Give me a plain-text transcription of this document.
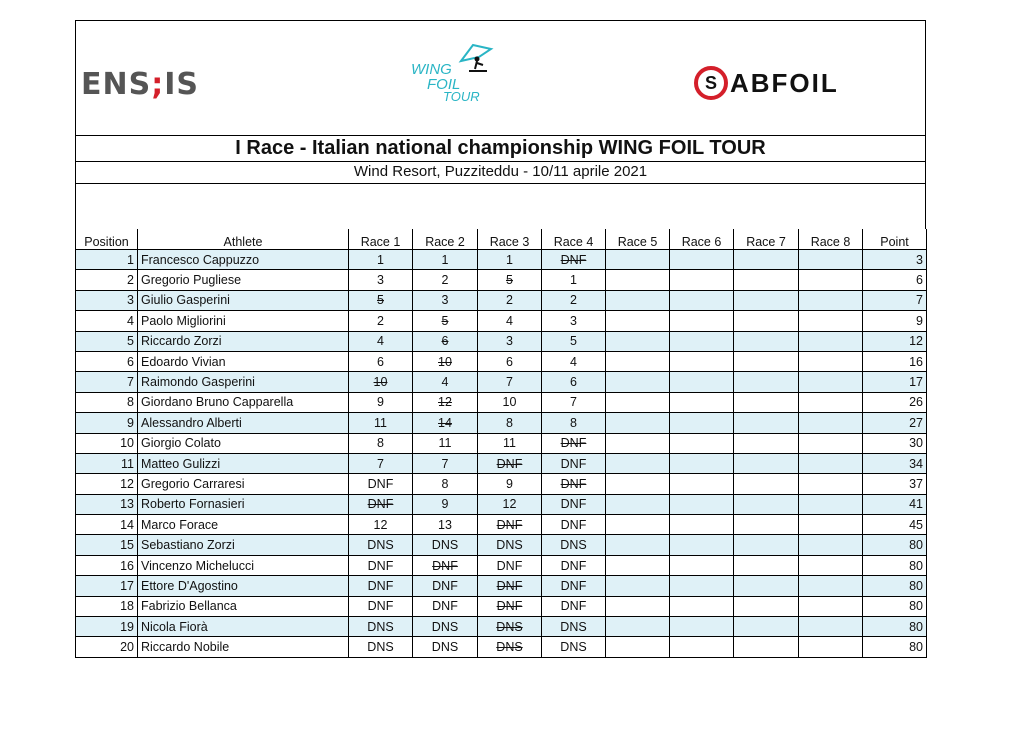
ENS;IS	WING
FOIL
TOUR
S ABFOIL
I Race - Italian national championship WING FOIL TOUR
Wind Resort, Puzziteddu - 10/11 aprile 2021
Position	Athlete	Race 1	Race 2	Race 3	Race 4	Race 5	Race 6	Race 7	Race 8	Point
1	Francesco Cappuzzo	1	1	1	DNF					3
2	Gregorio Pugliese	3	2	5	1					6
3	Giulio Gasperini	5	3	2	2					7
4	Paolo Migliorini	2	5	4	3					9
5	Riccardo Zorzi	4	6	3	5					12
6	Edoardo Vivian	6	10	6	4					16
7	Raimondo Gasperini	10	4	7	6					17
8	Giordano Bruno Capparella	9	12	10	7					26
9	Alessandro Alberti	11	14	8	8					27
10	Giorgio Colato	8	11	11	DNF					30
11	Matteo Gulizzi	7	7	DNF	DNF					34
12	Gregorio Carraresi	DNF	8	9	DNF					37
13	Roberto Fornasieri	DNF	9	12	DNF					41
14	Marco Forace	12	13	DNF	DNF					45
15	Sebastiano Zorzi	DNS	DNS	DNS	DNS					80
16	Vincenzo Michelucci	DNF	DNF	DNF	DNF					80
17	Ettore D'Agostino	DNF	DNF	DNF	DNF					80
18	Fabrizio Bellanca	DNF	DNF	DNF	DNF					80
19	Nicola Fiorà	DNS	DNS	DNS	DNS					80
20	Riccardo Nobile	DNS	DNS	DNS	DNS					80
